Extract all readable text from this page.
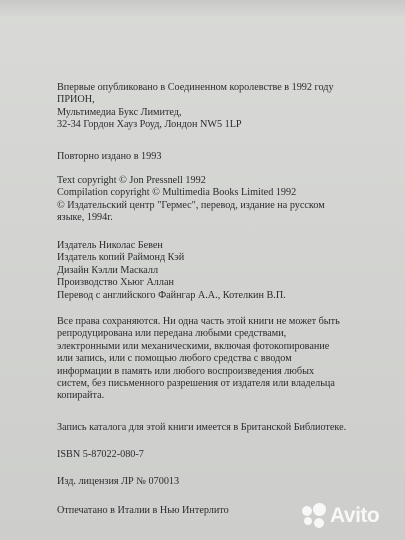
Впервые опубликовано в Соединенном королевстве в 1992 году
ПРИОН,
Мультимедиа Букс Лимитед,
32-34 Гордон Хауз Роуд, Лондон NW5 1LP
Повторно издано в 1993
Text copyright © Jon Pressnell 1992
Compilation copyright © Multimedia Books Limited 1992
© Издательский центр "Гермес", перевод, издание на русском
языке, 1994г.
Издатель Николас Бевен
Издатель копий Раймонд Кэй
Дизайн Кэлли Маскалл
Производство Хьюг Аллан
Перевод с английского Файнгар А.А., Котелкин В.П.
Все права сохраняются. Ни одна часть этой книги не может быть
репродуцирована или передана любыми средствами,
электронными или механическими, включая фотокопирование
или запись, или с помощью любого средства с вводом
информации в память или любого воспроизведения любых
систем, без письменного разрешения от издателя или владельца
копирайта.
Запись каталога для этой книги имеется в Британской Библиотеке.
ISBN 5-87022-080-7
Изд. лицензия ЛР № 070013
Отпечатано в Италии в Нью Интерлито	Avito
